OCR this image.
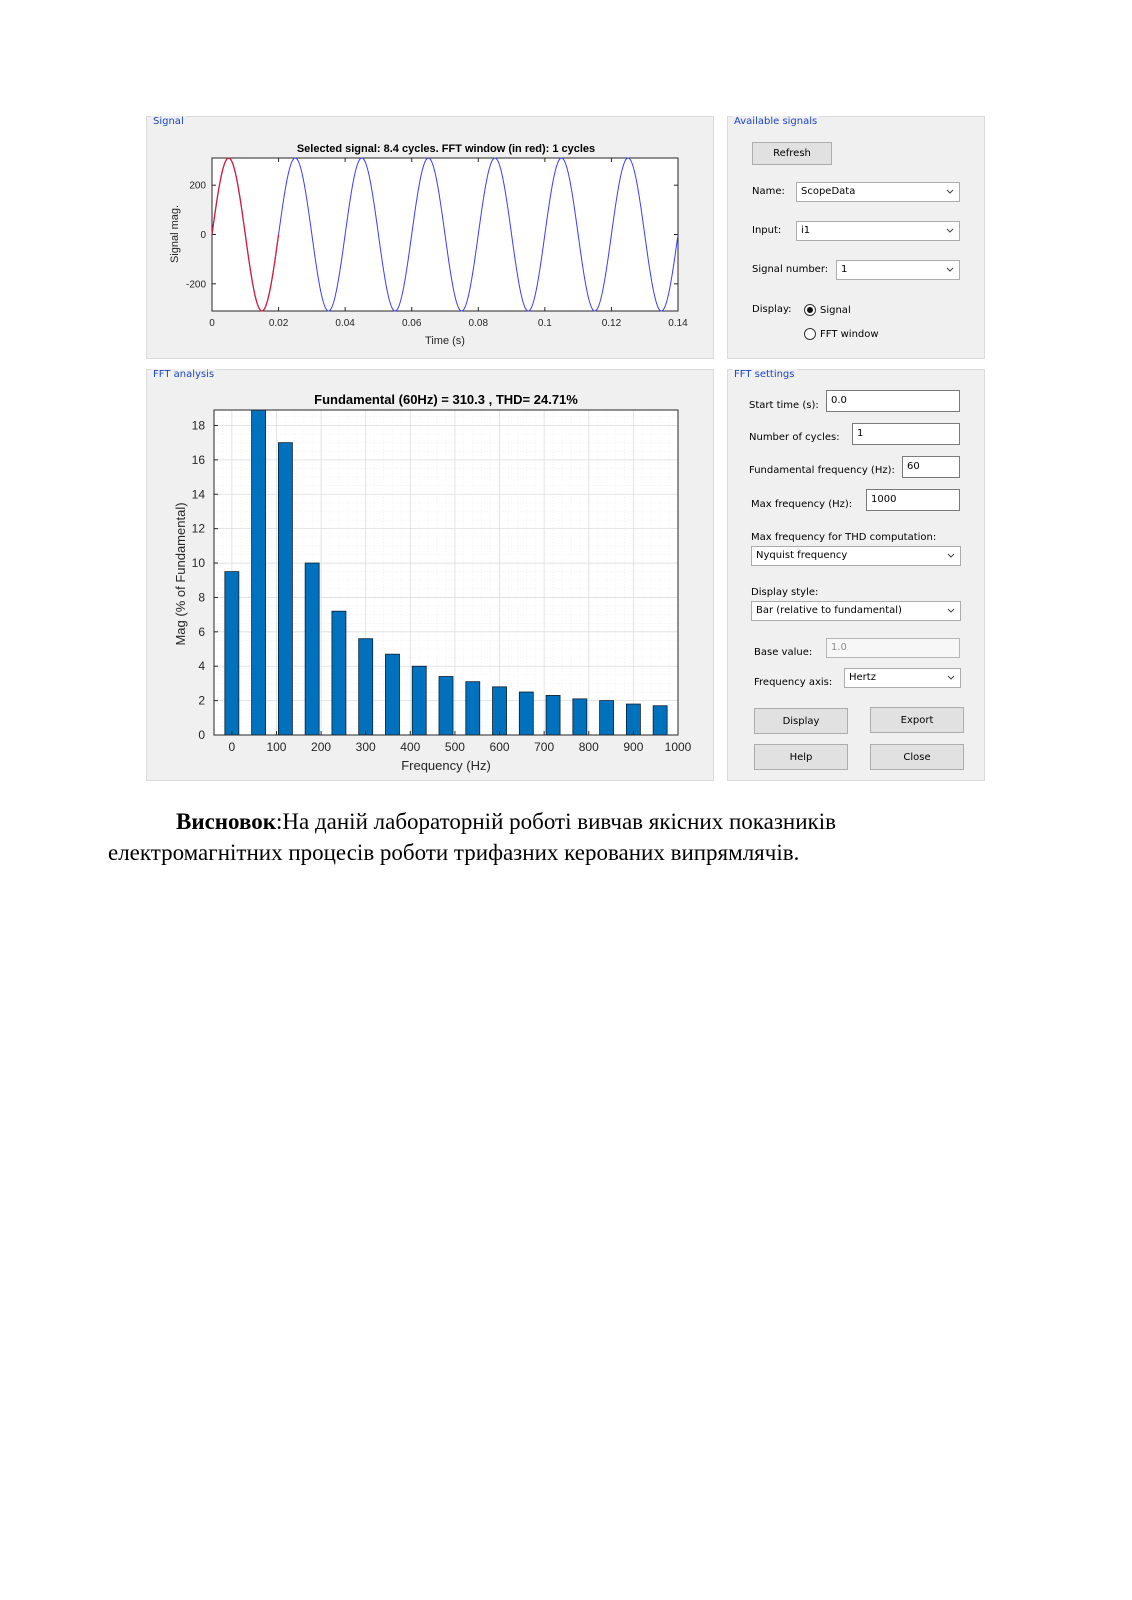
Signal
Selected signal: 8.4 cycles. FFT window (in red): 1 cycles
Signal mag.
Time (s)
0	0.02	0.04	0.06	0.08	0.1	0.12	0.14
200
0
-200
Available signals
Refresh
Name:	ScopeData
Input:	i1
Signal number:	1
Display:	Signal
FFT window
FFT analysis
Fundamental (60Hz) = 310.3 , THD= 24.71%
Mag (% of Fundamental)
Frequency (Hz)
0	100 200 300 400 500 600 700 800 900 1000
0
2
4
6
8
10
12
14
16
18
FFT settings
Start time (s):	0.0
Number of cycles:	1
Fundamental frequency (Hz):	60
Max frequency (Hz):	1000
Max frequency for THD computation:
Nyquist frequency
Display style:
Bar (relative to fundamental)
Base value:	1.0
Frequency axis:	Hertz
Display	Export
Help	Close
Висновок:На даній лабораторній роботі вивчав якісних показників
електромагнітних процесів роботи трифазних керованих випрямлячів.
